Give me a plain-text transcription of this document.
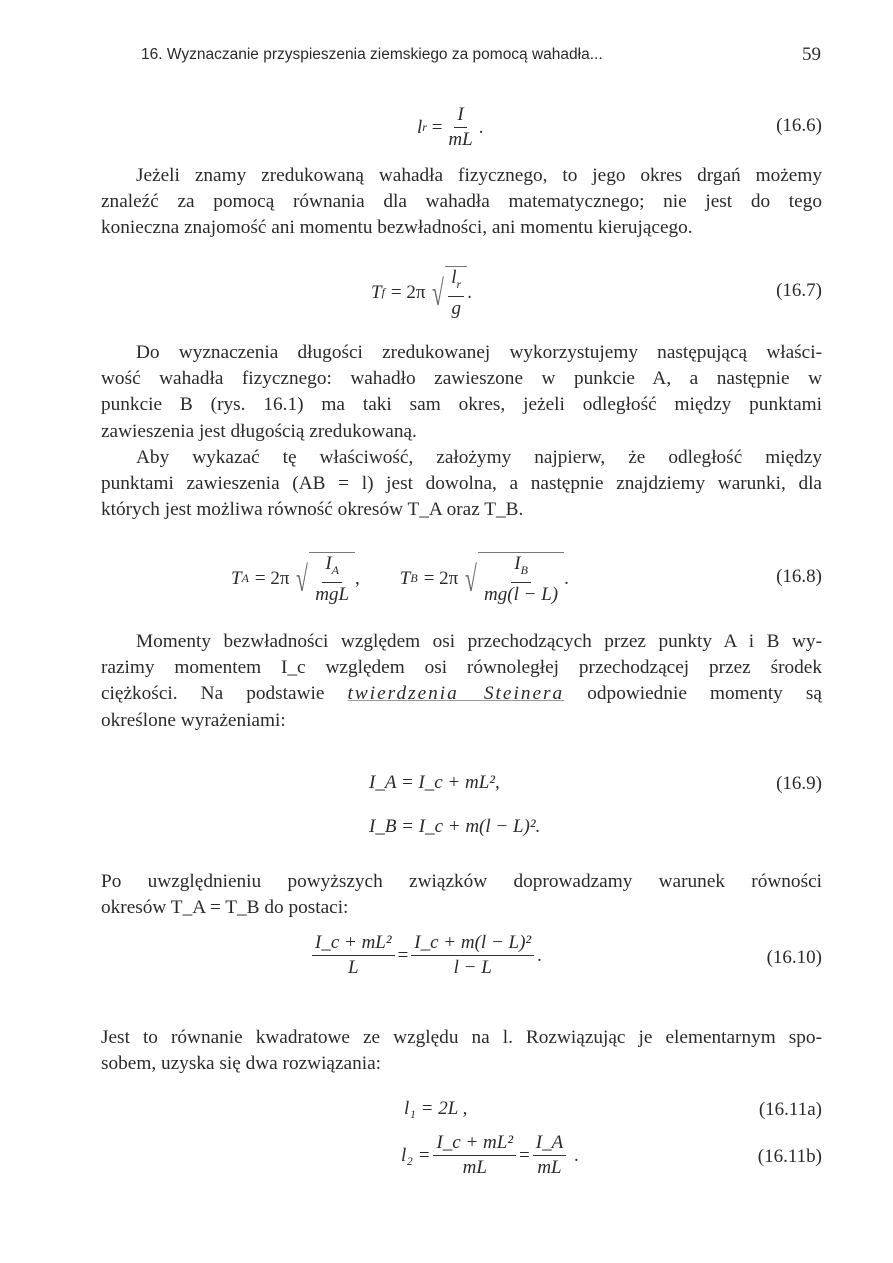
16. Wyznaczanie przyspieszenia ziemskiego za pomocą wahadła...	59
l $r = \frac{I}{mL}$ .	(16.6)
Jeżeli znamy zredukowaną wahadła fizycznego, to jego okres drgań możemy
znaleźć za pomocą równania dla wahadła matematycznego; nie jest do tego
konieczna znajomość ani momentu bezwładności, ani momentu kierującego.
T f = 2π √ $\frac{l_r}{g}$ .	(16.7)
Do wyznaczenia długości zredukowanej wykorzystujemy następującą właści-
wość wahadła fizycznego: wahadło zawieszone w punkcie A, a następnie w
punkcie B (rys. 16.1) ma taki sam okres, jeżeli odległość między punktami
zawieszenia jest długością zredukowaną.
Aby wykazać tę właściwość, założymy najpierw, że odległość między
punktami zawieszenia (AB = l) jest dowolna, a następnie znajdziemy warunki, dla
których jest możliwa równość okresów T_A oraz T_B.
T A = 2π √ $\frac{I_A}{\text{mgL}}$ , T B = 2π √ $\frac{I_B}{mg(l - L)}$ .	(16.8)
Momenty bezwładności względem osi przechodzących przez punkty A i B wy-
razimy momentem I_c względem osi równoległej przechodzącej przez środek
ciężkości. Na podstawie twierdzenia Steinera odpowiednie momenty są
określone wyrażeniami:
I_A = I_c + mL²,
I_B = I_c + m(l − L)².
(16.9)
Po uwzględnieniu powyższych związków doprowadzamy warunek równości
okresów T_A = T_B do postaci:
$\frac{\text{I\_c + mL²}}{L} = \frac{\text{I\_c + m(l − L)²}}{l - L}$ .	(16.10)
Jest to równanie kwadratowe ze względu na l. Rozwiązując je elementarnym spo-
sobem, uzyska się dwa rozwiązania:
l₁ = 2L ,	(16.11a)
$l_2 = \frac{\text{I\_c + mL²}}{mL} = \frac{I\_A}{mL}$ .	(16.11b)
